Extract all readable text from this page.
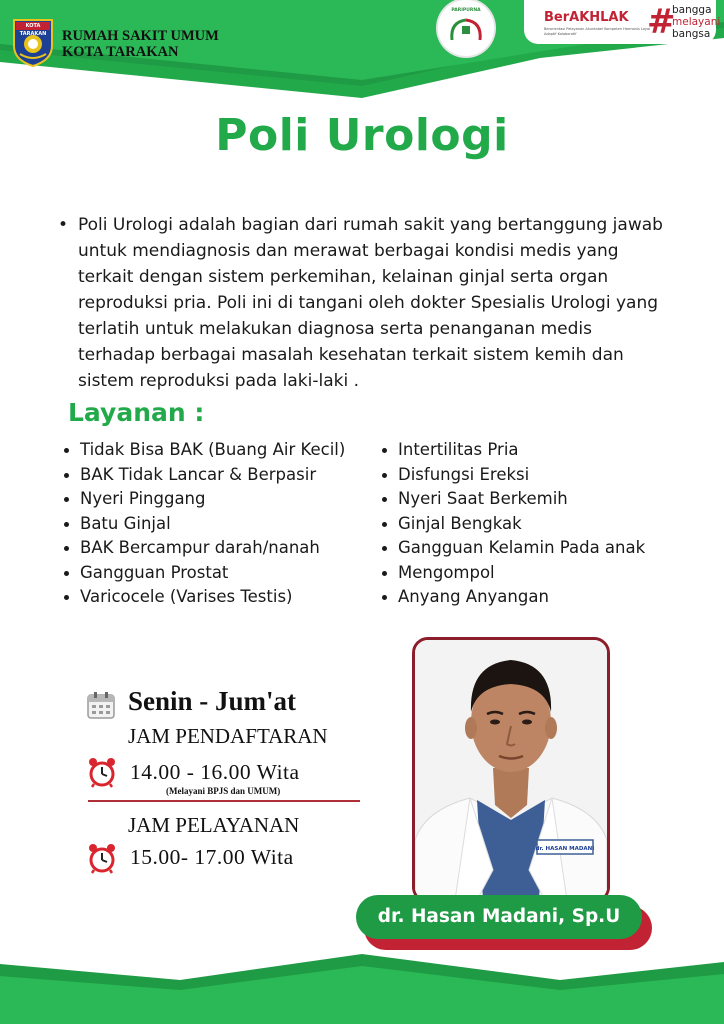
KOTA TARAKAN	RUMAH SAKIT UMUM
KOTA TARAKAN
PARIPURNA	BerAKHLAK
Berorientasi Pelayanan Akuntabel Kompeten Harmonis Loyal Adaptif Kolaboratif	#
bangga
melayani
bangsa
Poli Urologi
• Poli Urologi adalah bagian dari rumah sakit yang bertanggung jawab untuk mendiagnosis dan merawat berbagai kondisi medis yang terkait dengan sistem perkemihan, kelainan ginjal serta organ reproduksi pria. Poli ini di tangani oleh dokter Spesialis Urologi yang terlatih untuk melakukan diagnosa serta penanganan medis terhadap berbagai masalah kesehatan terkait sistem kemih dan sistem reproduksi pada laki-laki .
Layanan :
Tidak Bisa BAK (Buang Air Kecil)
BAK Tidak Lancar & Berpasir
Nyeri Pinggang
Batu Ginjal
BAK Bercampur darah/nanah
Gangguan Prostat
Varicocele (Varises Testis)
Intertilitas Pria
Disfungsi Ereksi
Nyeri Saat Berkemih
Ginjal Bengkak
Gangguan Kelamin Pada anak
Mengompol
Anyang Anyangan
Senin - Jum'at
JAM PENDAFTARAN
14.00 - 16.00 Wita
(Melayani BPJS dan UMUM)
JAM PELAYANAN
15.00- 17.00 Wita	dr. HASAN MADANI
dr. Hasan Madani, Sp.U
